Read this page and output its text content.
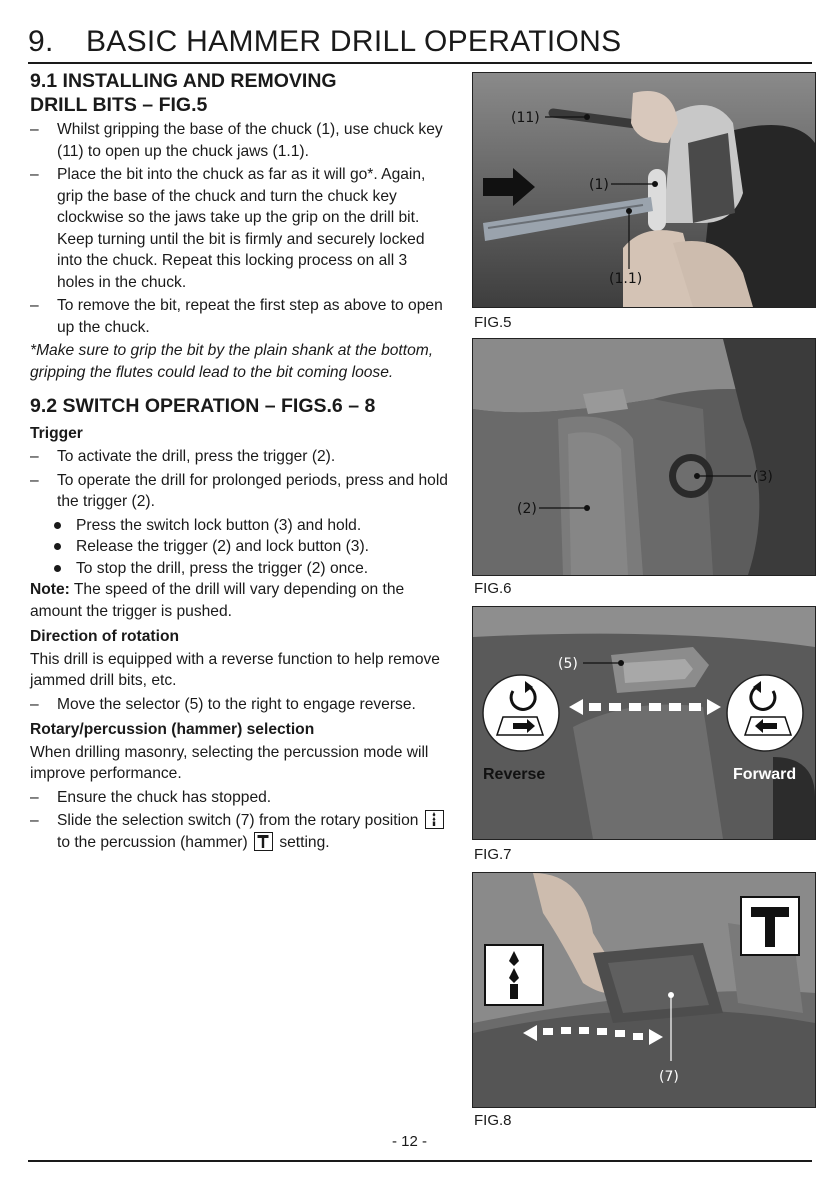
9. BASIC HAMMER DRILL OPERATIONS
9.1 INSTALLING AND REMOVING
DRILL BITS – FIG.5
– Whilst gripping the base of the chuck (1), use chuck key (11) to open up the chuck jaws (1.1).
– Place the bit into the chuck as far as it will go*. Again, grip the base of the chuck and turn the chuck key clockwise so the jaws take up the grip on the drill bit. Keep turning until the bit is firmly and securely locked into the chuck. Repeat this locking process on all 3 holes in the chuck.
– To remove the bit, repeat the first step as above to open up the chuck.

*Make sure to grip the bit by the plain shank at the bottom, gripping the flutes could lead to the bit coming loose.

9.2 SWITCH OPERATION – FIGS.6 – 8
Trigger
– To activate the drill, press the trigger (2).
– To operate the drill for prolonged periods, press and hold the trigger (2).
Press the switch lock button (3) and hold.
Release the trigger (2) and lock button (3).
To stop the drill, press the trigger (2) once.

Note: The speed of the drill will vary depending on the amount the trigger is pushed.

Direction of rotation

This drill is equipped with a reverse function to help remove jammed drill bits, etc.

– Move the selector (5) to the right to engage reverse.
Rotary/percussion (hammer) selection

When drilling masonry, selecting the percussion mode will improve performance.

– Ensure the chuck has stopped.
– Slide the selection switch (7) from the rotary position
to the percussion (hammer)
setting.
(11)
(1)
(1.1)
FIG.5
(3)
(2)
FIG.6
(5)
Reverse	Forward
FIG.7
(7)
FIG.8
- 12 -
